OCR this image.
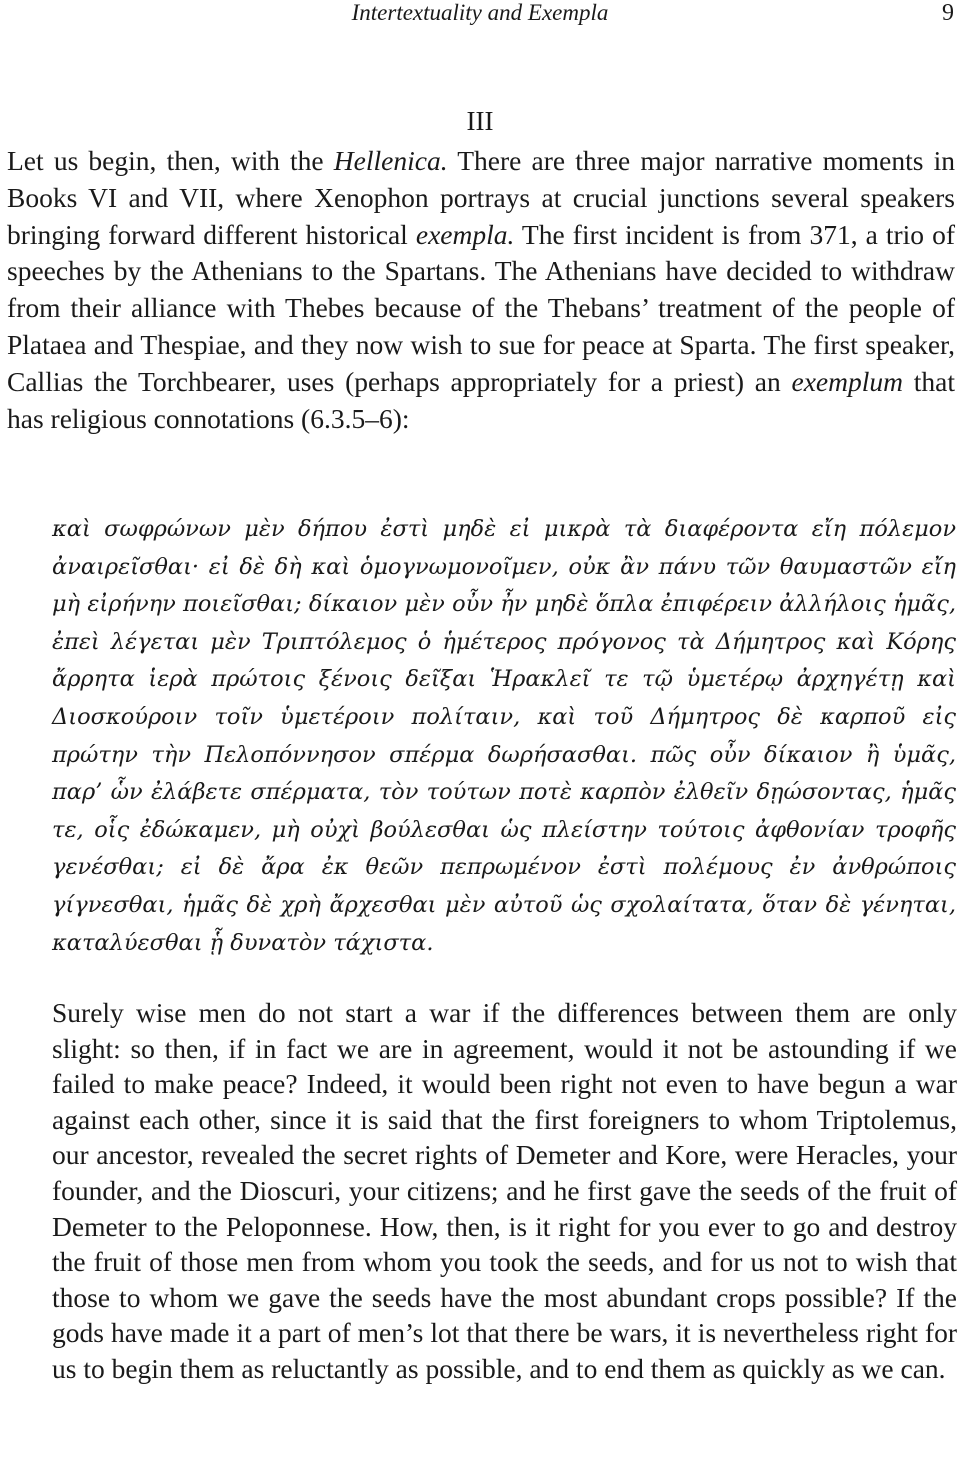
Intertextuality and Exempla	9
III

Let us begin, then, with the Hellenica. There are three major narrative moments in Books VI and VII, where Xenophon portrays at crucial junctions several speakers bringing forward different historical exempla. The first incident is from 371, a trio of speeches by the Athenians to the Spartans. The Athenians have decided to withdraw from their alliance with Thebes because of the Thebans’ treatment of the people of Plataea and Thespiae, and they now wish to sue for peace at Sparta. The first speaker, Callias the Torchbearer, uses (perhaps appropriately for a priest) an exemplum that has religious connotations (6.3.5–6):

καὶ σωφρώνων μὲν δήπου ἐστὶ μηδὲ εἰ μικρὰ τὰ διαφέροντα εἴη πόλεμον ἀναιρεῖσθαι· εἰ δὲ δὴ καὶ ὁμογνωμονοῖμεν, οὐκ ἂν πάνυ τῶν θαυμαστῶν εἴη μὴ εἰρήνην ποιεῖσθαι; δίκαιον μὲν οὖν ἦν μηδὲ ὅπλα ἐπιφέρειν ἀλλήλοις ἡμᾶς, ἐπεὶ λέγεται μὲν Τριπτόλεμος ὁ ἡμέτερος πρόγονος τὰ Δήμητρος καὶ Κόρης ἄρρητα ἱερὰ πρώτοις ξένοις δεῖξαι Ἡρακλεῖ τε τῷ ὑμετέρῳ ἀρχηγέτῃ καὶ Διοσκούροιν τοῖν ὑμετέροιν πολίταιν, καὶ τοῦ Δήμητρος δὲ καρποῦ εἰς πρώτην τὴν Πελοπόννησον σπέρμα δωρήσασθαι. πῶς οὖν δίκαιον ἢ ὑμᾶς, παρ’ ὧν ἐλάβετε σπέρματα, τὸν τούτων ποτὲ καρπὸν ἐλθεῖν δῃώσοντας, ἡμᾶς τε, οἷς ἐδώκαμεν, μὴ οὐχὶ βούλεσθαι ὡς πλείστην τούτοις ἀφθονίαν τροφῆς γενέσθαι; εἰ δὲ ἄρα ἐκ θεῶν πεπρωμένον ἐστὶ πολέμους ἐν ἀνθρώποις γίγνεσθαι, ἡμᾶς δὲ χρὴ ἄρχεσθαι μὲν αὐτοῦ ὡς σχολαίτατα, ὅταν δὲ γένηται, καταλύεσθαι ᾗ δυνατὸν τάχιστα.

Surely wise men do not start a war if the differences between them are only slight: so then, if in fact we are in agreement, would it not be astounding if we failed to make peace? Indeed, it would been right not even to have begun a war against each other, since it is said that the first foreigners to whom Triptolemus, our ancestor, revealed the secret rights of Demeter and Kore, were Heracles, your founder, and the Dioscuri, your citizens; and he first gave the seeds of the fruit of Demeter to the Peloponnese. How, then, is it right for you ever to go and destroy the fruit of those men from whom you took the seeds, and for us not to wish that those to whom we gave the seeds have the most abundant crops possible? If the gods have made it a part of men’s lot that there be wars, it is nevertheless right for us to begin them as reluctantly as possible, and to end them as quickly as we can.
